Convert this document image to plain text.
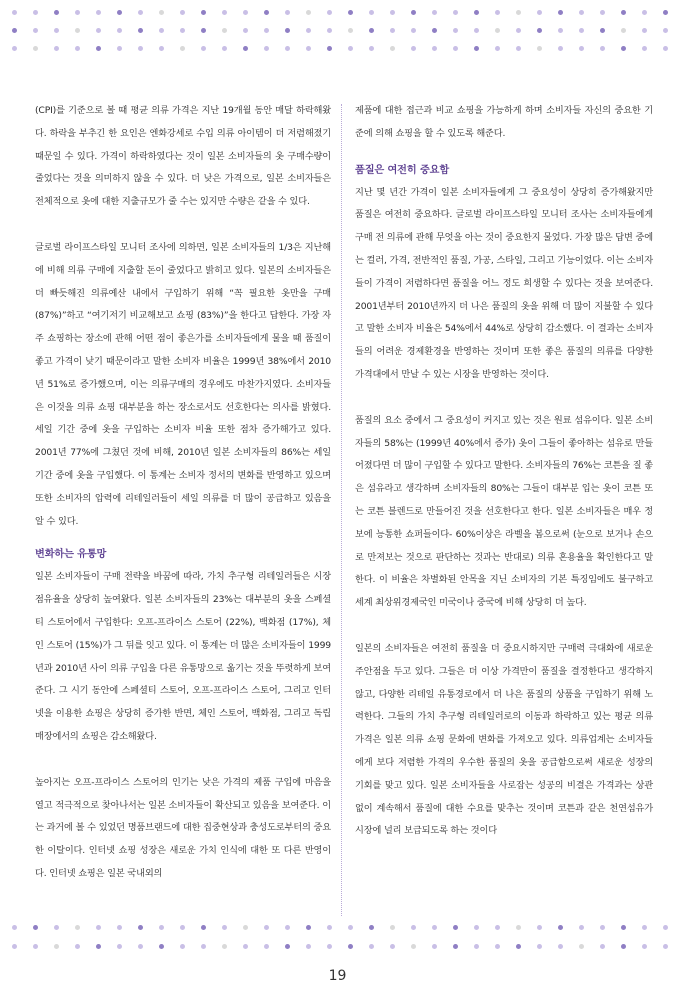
(CPI)를 기준으로 볼 때 평균 의류 가격은 지난 19개월 동안 매달 하락해왔다. 하락을 부추긴 한 요인은 엔화강세로 수입 의류 아이템이 더 저렴해졌기 때문일 수 있다. 가격이 하락하였다는 것이 일본 소비자들의 옷 구매수량이 줄었다는 것을 의미하지 않을 수 있다. 더 낮은 가격으로, 일본 소비자들은 전체적으로 옷에 대한 지출규모가 줄 수는 있지만 수량은 같을 수 있다.

글로벌 라이프스타일 모니터 조사에 의하면, 일본 소비자들의 1/3은 지난해에 비해 의류 구매에 지출할 돈이 줄었다고 밝히고 있다. 일본의 소비자들은 더 빠듯해진 의류예산 내에서 구입하기 위해 “꼭 필요한 옷만을 구매 (87%)”하고 “여기저기 비교해보고 쇼핑 (83%)”을 한다고 답한다. 가장 자주 쇼핑하는 장소에 관해 어떤 점이 좋은가를 소비자들에게 물을 때 품질이 좋고 가격이 낮기 때문이라고 말한 소비자 비율은 1999년 38%에서 2010년 51%로 증가했으며, 이는 의류구매의 경우에도 마찬가지였다. 소비자들은 이것을 의류 쇼핑 대부분을 하는 장소로서도 선호한다는 의사를 밝혔다. 세일 기간 중에 옷을 구입하는 소비자 비율 또한 점차 증가해가고 있다. 2001년 77%에 그쳤던 것에 비해, 2010년 일본 소비자들의 86%는 세일 기간 중에 옷을 구입했다. 이 통계는 소비자 정서의 변화를 반영하고 있으며 또한 소비자의 압력에 리테일러들이 세일 의류를 더 많이 공급하고 있음을 알 수 있다.

변화하는 유통망

일본 소비자들이 구매 전략을 바꿈에 따라, 가치 추구형 리테일러들은 시장 점유율을 상당히 높여왔다. 일본 소비자들의 23%는 대부분의 옷을 스페셜티 스토어에서 구입한다: 오프-프라이스 스토어 (22%), 백화점 (17%), 체인 스토어 (15%)가 그 뒤를 잇고 있다. 이 통계는 더 많은 소비자들이 1999년과 2010년 사이 의류 구입을 다른 유통망으로 옮기는 것을 뚜렷하게 보여준다. 그 시기 동안에 스페셜티 스토어, 오프-프라이스 스토어, 그리고 인터넷을 이용한 쇼핑은 상당히 증가한 반면, 체인 스토어, 백화점, 그리고 독립매장에서의 쇼핑은 감소해왔다.

높아지는 오프-프라이스 스토어의 인기는 낮은 가격의 제품 구입에 마음을 열고 적극적으로 찾아나서는 일본 소비자들이 확산되고 있음을 보여준다. 이는 과거에 볼 수 있었던 명품브랜드에 대한 집중현상과 충성도로부터의 중요한 이탈이다. 인터넷 쇼핑 성장은 새로운 가치 인식에 대한 또 다른 반영이다. 인터넷 쇼핑은 일본 국내외의

제품에 대한 접근과 비교 쇼핑을 가능하게 하며 소비자들 자신의 중요한 기준에 의해 쇼핑을 할 수 있도록 해준다.

품질은 여전히 중요함

지난 몇 년간 가격이 일본 소비자들에게 그 중요성이 상당히 증가해왔지만 품질은 여전히 중요하다. 글로벌 라이프스타일 모니터 조사는 소비자들에게 구매 전 의류에 관해 무엇을 아는 것이 중요한지 물었다. 가장 많은 답변 중에는 컬러, 가격, 전반적인 품질, 가공, 스타일, 그리고 기능이었다. 이는 소비자들이 가격이 저렴하다면 품질을 어느 정도 희생할 수 있다는 것을 보여준다. 2001년부터 2010년까지 더 나은 품질의 옷을 위해 더 많이 지불할 수 있다고 말한 소비자 비율은 54%에서 44%로 상당히 감소했다. 이 결과는 소비자들의 어려운 경제환경을 반영하는 것이며 또한 좋은 품질의 의류를 다양한 가격대에서 만날 수 있는 시장을 반영하는 것이다.

품질의 요소 중에서 그 중요성이 커지고 있는 것은 원료 섬유이다. 일본 소비자들의 58%는 (1999년 40%에서 증가) 옷이 그들이 좋아하는 섬유로 만들어졌다면 더 많이 구입할 수 있다고 말한다. 소비자들의 76%는 코튼을 질 좋은 섬유라고 생각하며 소비자들의 80%는 그들이 대부분 입는 옷이 코튼 또는 코튼 블렌드로 만들어진 것을 선호한다고 한다. 일본 소비자들은 매우 정보에 능통한 쇼퍼들이다- 60%이상은 라벨을 봄으로써 (눈으로 보거나 손으로 만져보는 것으로 판단하는 것과는 반대로) 의류 혼용율을 확인한다고 말한다. 이 비율은 차별화된 안목을 지닌 소비자의 기본 특징임에도 불구하고 세계 최상위경제국인 미국이나 중국에 비해 상당히 더 높다.

일본의 소비자들은 여전히 품질을 더 중요시하지만 구매력 극대화에 새로운 주안점을 두고 있다. 그들은 더 이상 가격만이 품질을 결정한다고 생각하지 않고, 다양한 리테일 유통경로에서 더 나은 품질의 상품을 구입하기 위해 노력한다. 그들의 가치 추구형 리테일러로의 이동과 하락하고 있는 평균 의류가격은 일본 의류 쇼핑 문화에 변화를 가져오고 있다. 의류업계는 소비자들에게 보다 저렴한 가격의 우수한 품질의 옷을 공급함으로써 새로운 성장의 기회를 맞고 있다. 일본 소비자들을 사로잡는 성공의 비결은 가격과는 상관없이 계속해서 품질에 대한 수요를 맞추는 것이며 코튼과 같은 천연섬유가 시장에 널리 보급되도록 하는 것이다

19
